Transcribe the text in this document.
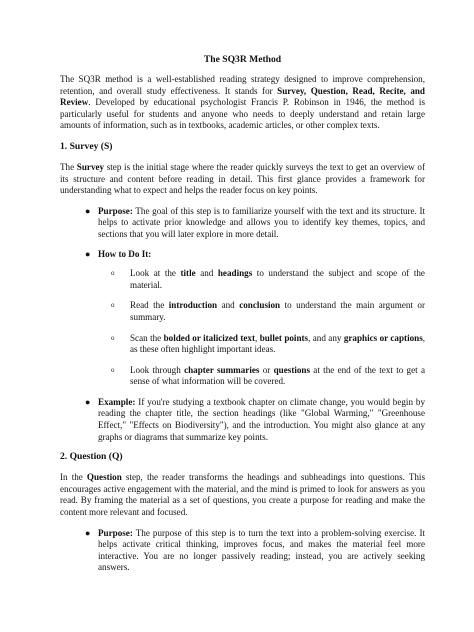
The SQ3R Method

The SQ3R method is a well-established reading strategy designed to improve comprehension, retention, and overall study effectiveness. It stands for Survey, Question, Read, Recite, and Review. Developed by educational psychologist Francis P. Robinson in 1946, the method is particularly useful for students and anyone who needs to deeply understand and retain large amounts of information, such as in textbooks, academic articles, or other complex texts.

1. Survey (S)

The Survey step is the initial stage where the reader quickly surveys the text to get an overview of its structure and content before reading in detail. This first glance provides a framework for understanding what to expect and helps the reader focus on key points.

● Purpose: The goal of this step is to familiarize yourself with the text and its structure. It helps to activate prior knowledge and allows you to identify key themes, topics, and sections that you will later explore in more detail.

● How to Do It:

o Look at the title and headings to understand the subject and scope of the material.

o Read the introduction and conclusion to understand the main argument or summary.

o Scan the bolded or italicized text, bullet points, and any graphics or captions, as these often highlight important ideas.

o Look through chapter summaries or questions at the end of the text to get a sense of what information will be covered.

● Example: If you're studying a textbook chapter on climate change, you would begin by reading the chapter title, the section headings (like "Global Warming," "Greenhouse Effect," "Effects on Biodiversity"), and the introduction. You might also glance at any graphs or diagrams that summarize key points.

2. Question (Q)

In the Question step, the reader transforms the headings and subheadings into questions. This encourages active engagement with the material, and the mind is primed to look for answers as you read. By framing the material as a set of questions, you create a purpose for reading and make the content more relevant and focused.

● Purpose: The purpose of this step is to turn the text into a problem-solving exercise. It helps activate critical thinking, improves focus, and makes the material feel more interactive. You are no longer passively reading; instead, you are actively seeking answers.
